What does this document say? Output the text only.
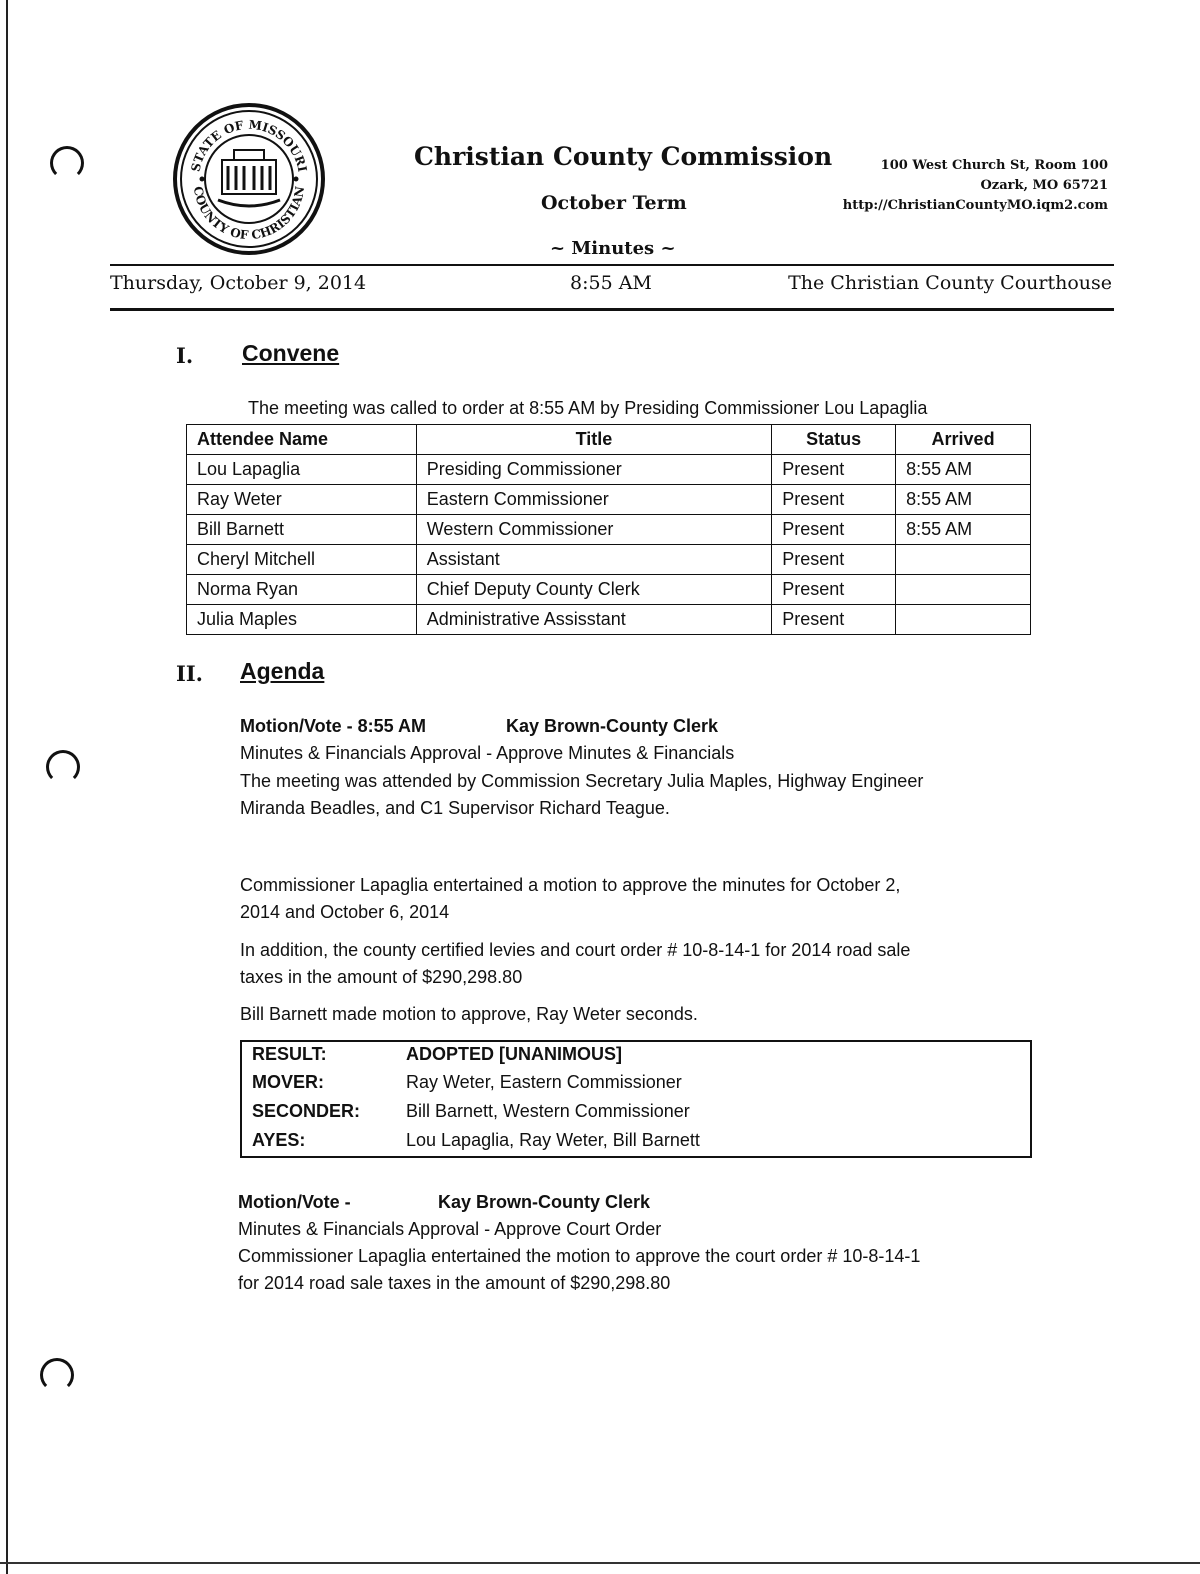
STATE OF MISSOURI
COUNTY OF CHRISTIAN
Christian County Commission
October Term
~ Minutes ~
100 West Church St, Room 100
Ozark, MO 65721
http://ChristianCountyMO.iqm2.com
Thursday, October 9, 2014	8:55 AM	The Christian County Courthouse
I. Convene
The meeting was called to order at 8:55 AM by Presiding Commissioner Lou Lapaglia
Attendee Name	Title	Status	Arrived
Lou Lapaglia	Presiding Commissioner	Present	8:55 AM
Ray Weter	Eastern Commissioner	Present	8:55 AM
Bill Barnett	Western Commissioner	Present	8:55 AM
Cheryl Mitchell	Assistant	Present	
Norma Ryan	Chief Deputy County Clerk	Present	
Julia Maples	Administrative Assisstant	Present	
II. Agenda
Motion/Vote - 8:55 AM	Kay Brown-County Clerk
Minutes & Financials Approval - Approve Minutes & Financials
The meeting was attended by Commission Secretary Julia Maples, Highway Engineer
Miranda Beadles, and C1 Supervisor Richard Teague.
Commissioner Lapaglia entertained a motion to approve the minutes for October 2,
2014 and October 6, 2014
In addition, the county certified levies and court order # 10-8-14-1 for 2014 road sale
taxes in the amount of $290,298.80
Bill Barnett made motion to approve, Ray Weter seconds.
RESULT:	ADOPTED [UNANIMOUS]
MOVER:	Ray Weter, Eastern Commissioner
SECONDER:	Bill Barnett, Western Commissioner
AYES:	Lou Lapaglia, Ray Weter, Bill Barnett
Motion/Vote -	Kay Brown-County Clerk
Minutes & Financials Approval - Approve Court Order
Commissioner Lapaglia entertained the motion to approve the court order # 10-8-14-1
for 2014 road sale taxes in the amount of $290,298.80
